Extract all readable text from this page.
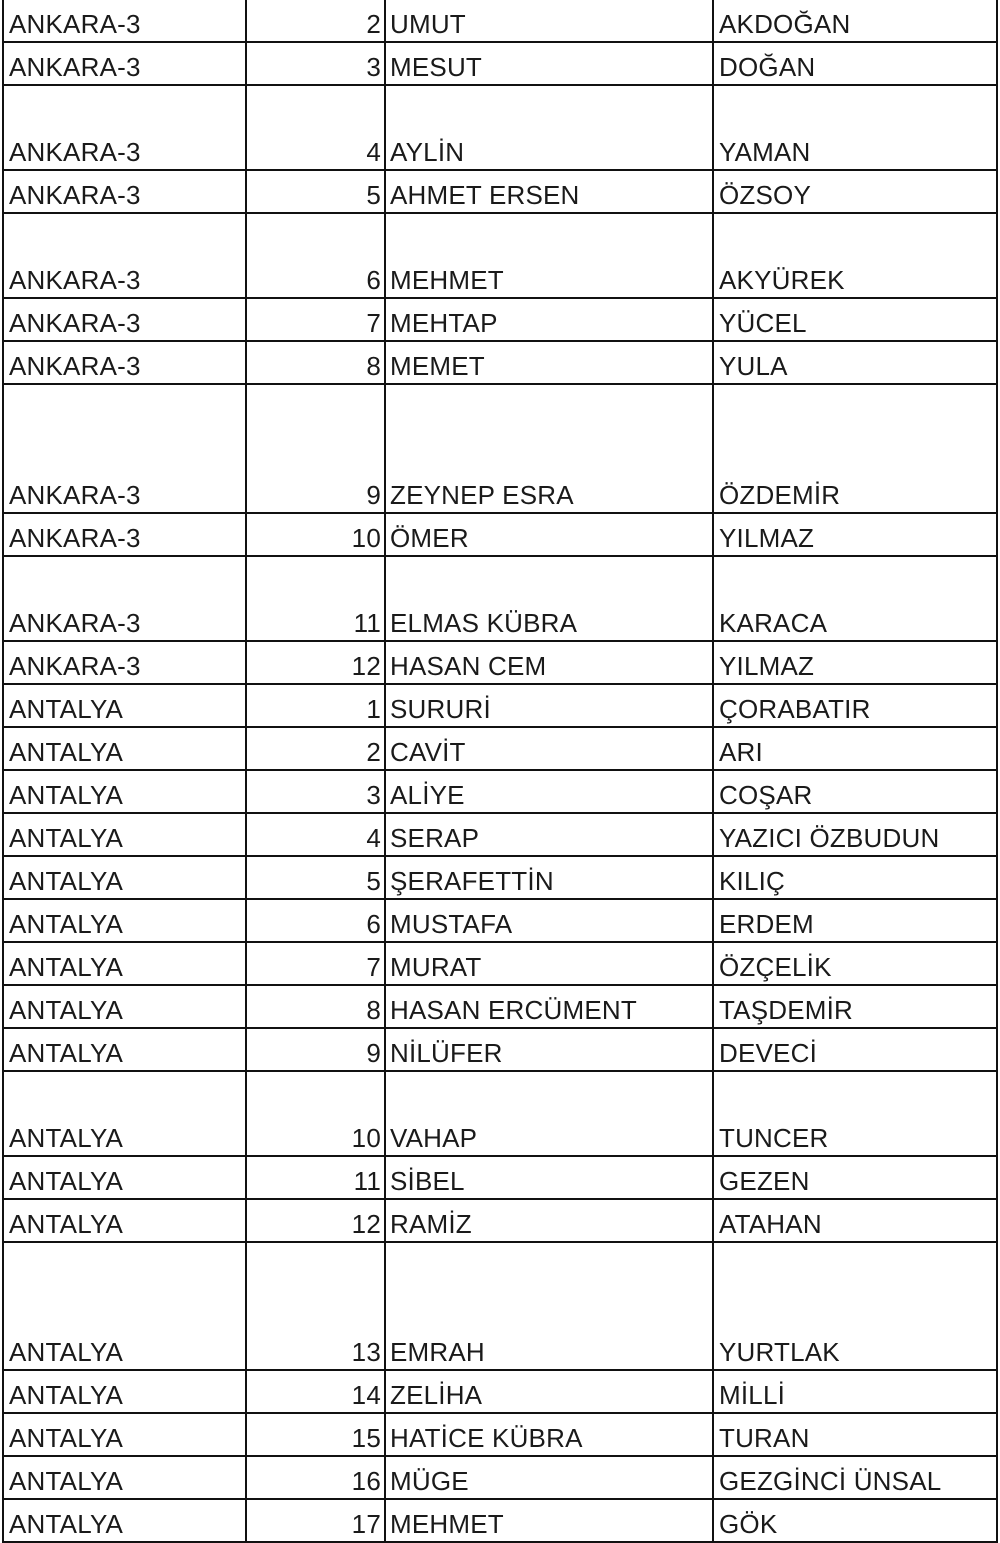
ANKARA-3	2	UMUT	AKDOĞAN
ANKARA-3	3	MESUT	DOĞAN
ANKARA-3	4	AYLİN	YAMAN
ANKARA-3	5	AHMET ERSEN	ÖZSOY
ANKARA-3	6	MEHMET	AKYÜREK
ANKARA-3	7	MEHTAP	YÜCEL
ANKARA-3	8	MEMET	YULA
ANKARA-3	9	ZEYNEP ESRA	ÖZDEMİR
ANKARA-3	10	ÖMER	YILMAZ
ANKARA-3	11	ELMAS KÜBRA	KARACA
ANKARA-3	12	HASAN CEM	YILMAZ
ANTALYA	1	SURURİ	ÇORABATIR
ANTALYA	2	CAVİT	ARI
ANTALYA	3	ALİYE	COŞAR
ANTALYA	4	SERAP	YAZICI ÖZBUDUN
ANTALYA	5	ŞERAFETTİN	KILIÇ
ANTALYA	6	MUSTAFA	ERDEM
ANTALYA	7	MURAT	ÖZÇELİK
ANTALYA	8	HASAN ERCÜMENT	TAŞDEMİR
ANTALYA	9	NİLÜFER	DEVECİ
ANTALYA	10	VAHAP	TUNCER
ANTALYA	11	SİBEL	GEZEN
ANTALYA	12	RAMİZ	ATAHAN
ANTALYA	13	EMRAH	YURTLAK
ANTALYA	14	ZELİHA	MİLLİ
ANTALYA	15	HATİCE KÜBRA	TURAN
ANTALYA	16	MÜGE	GEZGİNCİ ÜNSAL
ANTALYA	17	MEHMET	GÖK
